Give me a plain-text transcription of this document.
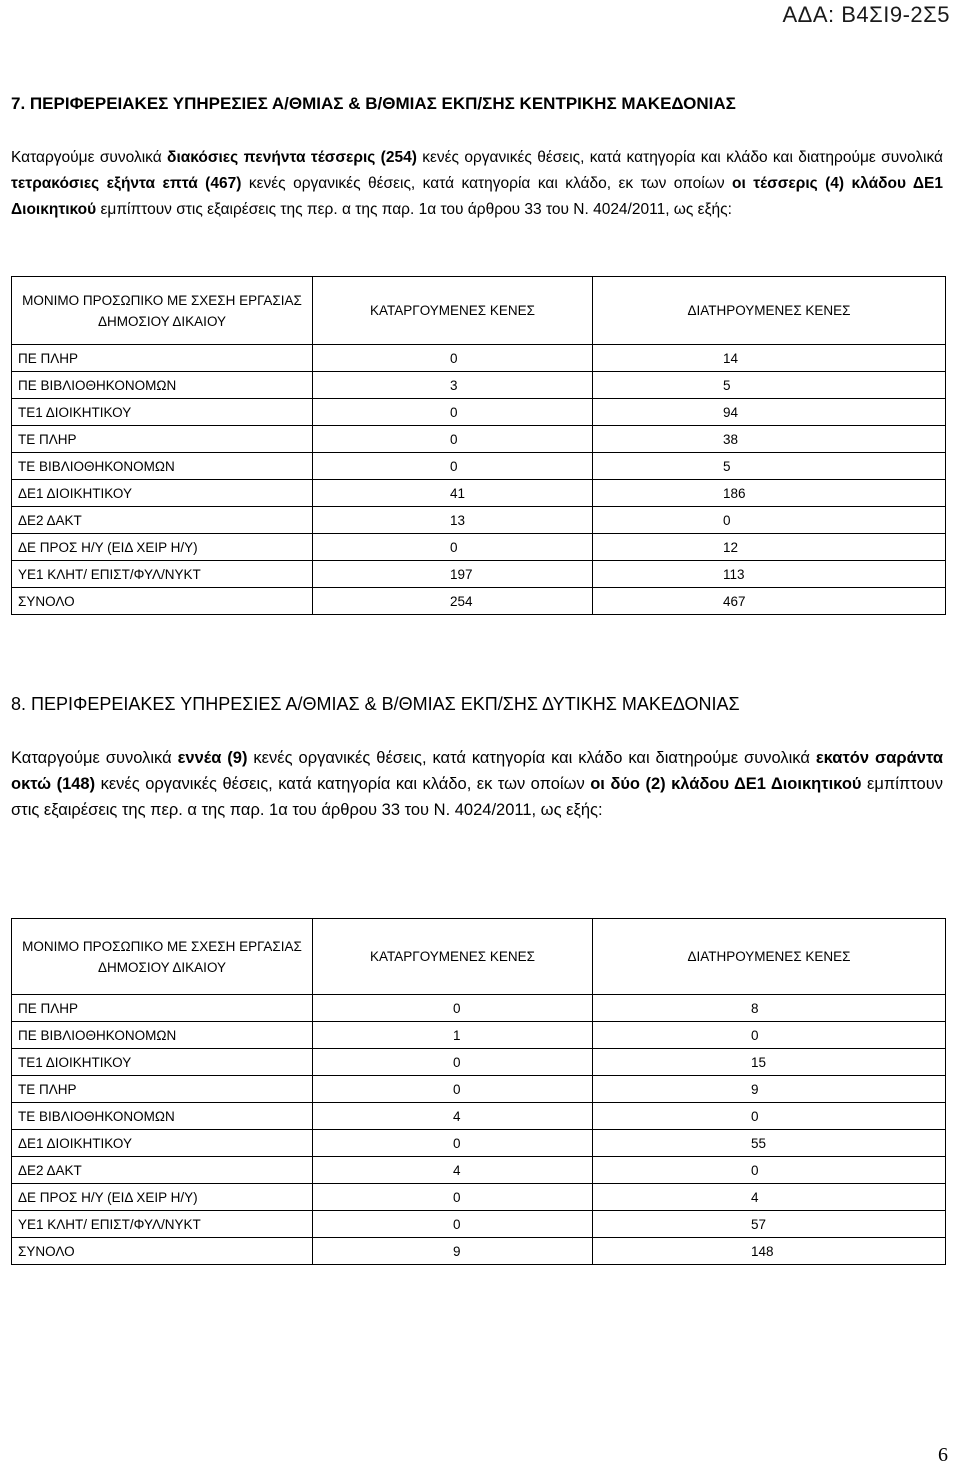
ΑΔΑ: Β4ΣΙ9-2Σ5
7. ΠΕΡΙΦΕΡΕΙΑΚΕΣ ΥΠΗΡΕΣΙΕΣ Α/ΘΜΙΑΣ & Β/ΘΜΙΑΣ ΕΚΠ/ΣΗΣ ΚΕΝΤΡΙΚΗΣ ΜΑΚΕΔΟΝΙΑΣ
Καταργούμε συνολικά διακόσιες πενήντα τέσσερις (254) κενές οργανικές θέσεις, κατά κατηγορία και κλάδο και διατηρούμε συνολικά τετρακόσιες εξήντα επτά (467) κενές οργανικές θέσεις, κατά κατηγορία και κλάδο, εκ των οποίων οι τέσσερις (4) κλάδου ΔΕ1 Διοικητικού εμπίπτουν στις εξαιρέσεις της περ. α της παρ. 1α του άρθρου 33 του Ν. 4024/2011, ως εξής:
ΜΟΝΙΜΟ ΠΡΟΣΩΠΙΚΟ ΜΕ ΣΧΕΣΗ ΕΡΓΑΣΙΑΣ ΔΗΜΟΣΙΟΥ ΔΙΚΑΙΟΥ	ΚΑΤΑΡΓΟΥΜΕΝΕΣ ΚΕΝΕΣ	ΔΙΑΤΗΡΟΥΜΕΝΕΣ ΚΕΝΕΣ
ΠΕ ΠΛΗΡ	0	14
ΠΕ ΒΙΒΛΙΟΘΗΚΟΝΟΜΩΝ	3	5
ΤΕ1 ΔΙΟΙΚΗΤΙΚΟΥ	0	94
ΤΕ ΠΛΗΡ	0	38
ΤΕ ΒΙΒΛΙΟΘΗΚΟΝΟΜΩΝ	0	5
ΔΕ1 ΔΙΟΙΚΗΤΙΚΟΥ	41	186
ΔΕ2 ΔΑΚΤ	13	0
ΔΕ ΠΡΟΣ Η/Υ (ΕΙΔ ΧΕΙΡ Η/Υ)	0	12
ΥΕ1 ΚΛΗΤ/ ΕΠΙΣΤ/ΦΥΛ/ΝΥΚΤ	197	113
ΣΥΝΟΛΟ	254	467
8. ΠΕΡΙΦΕΡΕΙΑΚΕΣ ΥΠΗΡΕΣΙΕΣ Α/ΘΜΙΑΣ & Β/ΘΜΙΑΣ ΕΚΠ/ΣΗΣ ΔΥΤΙΚΗΣ ΜΑΚΕΔΟΝΙΑΣ
Καταργούμε συνολικά εννέα (9) κενές οργανικές θέσεις, κατά κατηγορία και κλάδο και διατηρούμε συνολικά εκατόν σαράντα οκτώ (148) κενές οργανικές θέσεις, κατά κατηγορία και κλάδο, εκ των οποίων οι δύο (2) κλάδου ΔΕ1 Διοικητικού εμπίπτουν στις εξαιρέσεις της περ. α της παρ. 1α του άρθρου 33 του Ν. 4024/2011, ως εξής:
ΜΟΝΙΜΟ ΠΡΟΣΩΠΙΚΟ ΜΕ ΣΧΕΣΗ ΕΡΓΑΣΙΑΣ ΔΗΜΟΣΙΟΥ ΔΙΚΑΙΟΥ	ΚΑΤΑΡΓΟΥΜΕΝΕΣ ΚΕΝΕΣ	ΔΙΑΤΗΡΟΥΜΕΝΕΣ ΚΕΝΕΣ
ΠΕ ΠΛΗΡ	0	8
ΠΕ ΒΙΒΛΙΟΘΗΚΟΝΟΜΩΝ	1	0
ΤΕ1 ΔΙΟΙΚΗΤΙΚΟΥ	0	15
ΤΕ ΠΛΗΡ	0	9
ΤΕ ΒΙΒΛΙΟΘΗΚΟΝΟΜΩΝ	4	0
ΔΕ1 ΔΙΟΙΚΗΤΙΚΟΥ	0	55
ΔΕ2 ΔΑΚΤ	4	0
ΔΕ ΠΡΟΣ Η/Υ (ΕΙΔ ΧΕΙΡ Η/Υ)	0	4
ΥΕ1 ΚΛΗΤ/ ΕΠΙΣΤ/ΦΥΛ/ΝΥΚΤ	0	57
ΣΥΝΟΛΟ	9	148
6
